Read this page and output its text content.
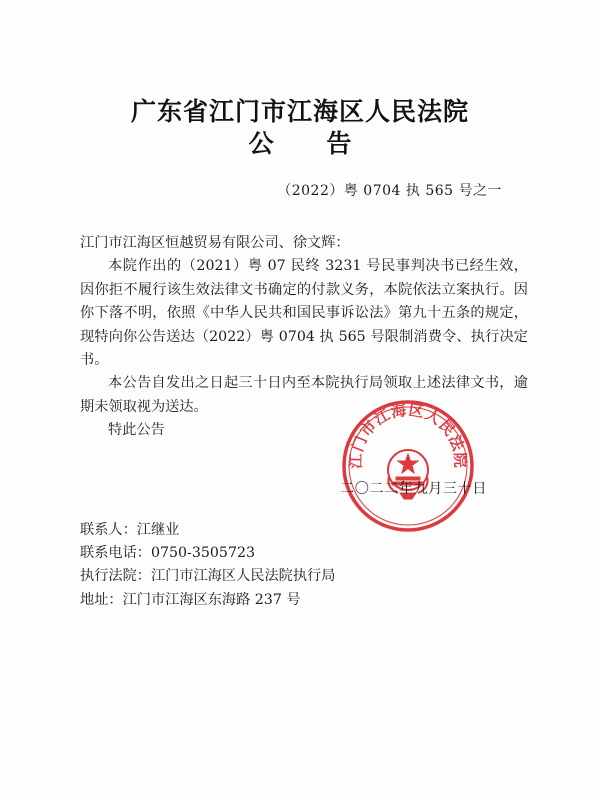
广东省江门市江海区人民法院
公 告
（2022）粤 0704 执 565 号之一

江门市江海区恒越贸易有限公司、徐文辉：

本院作出的（2021）粤 07 民终 3231 号民事判决书已经生效，因你拒不履行该生效法律文书确定的付款义务，本院依法立案执行。因你下落不明，依照《中华人民共和国民事诉讼法》第九十五条的规定，现特向你公告送达（2022）粤 0704 执 565 号限制消费令、执行决定书。

本公告自发出之日起三十日内至本院执行局领取上述法律文书，逾期未领取视为送达。

特此公告

江门市江海区人民法院
二〇二二年九月三十日
联系人：江继业
联系电话：0750-3505723
执行法院：江门市江海区人民法院执行局
地址：江门市江海区东海路 237 号
